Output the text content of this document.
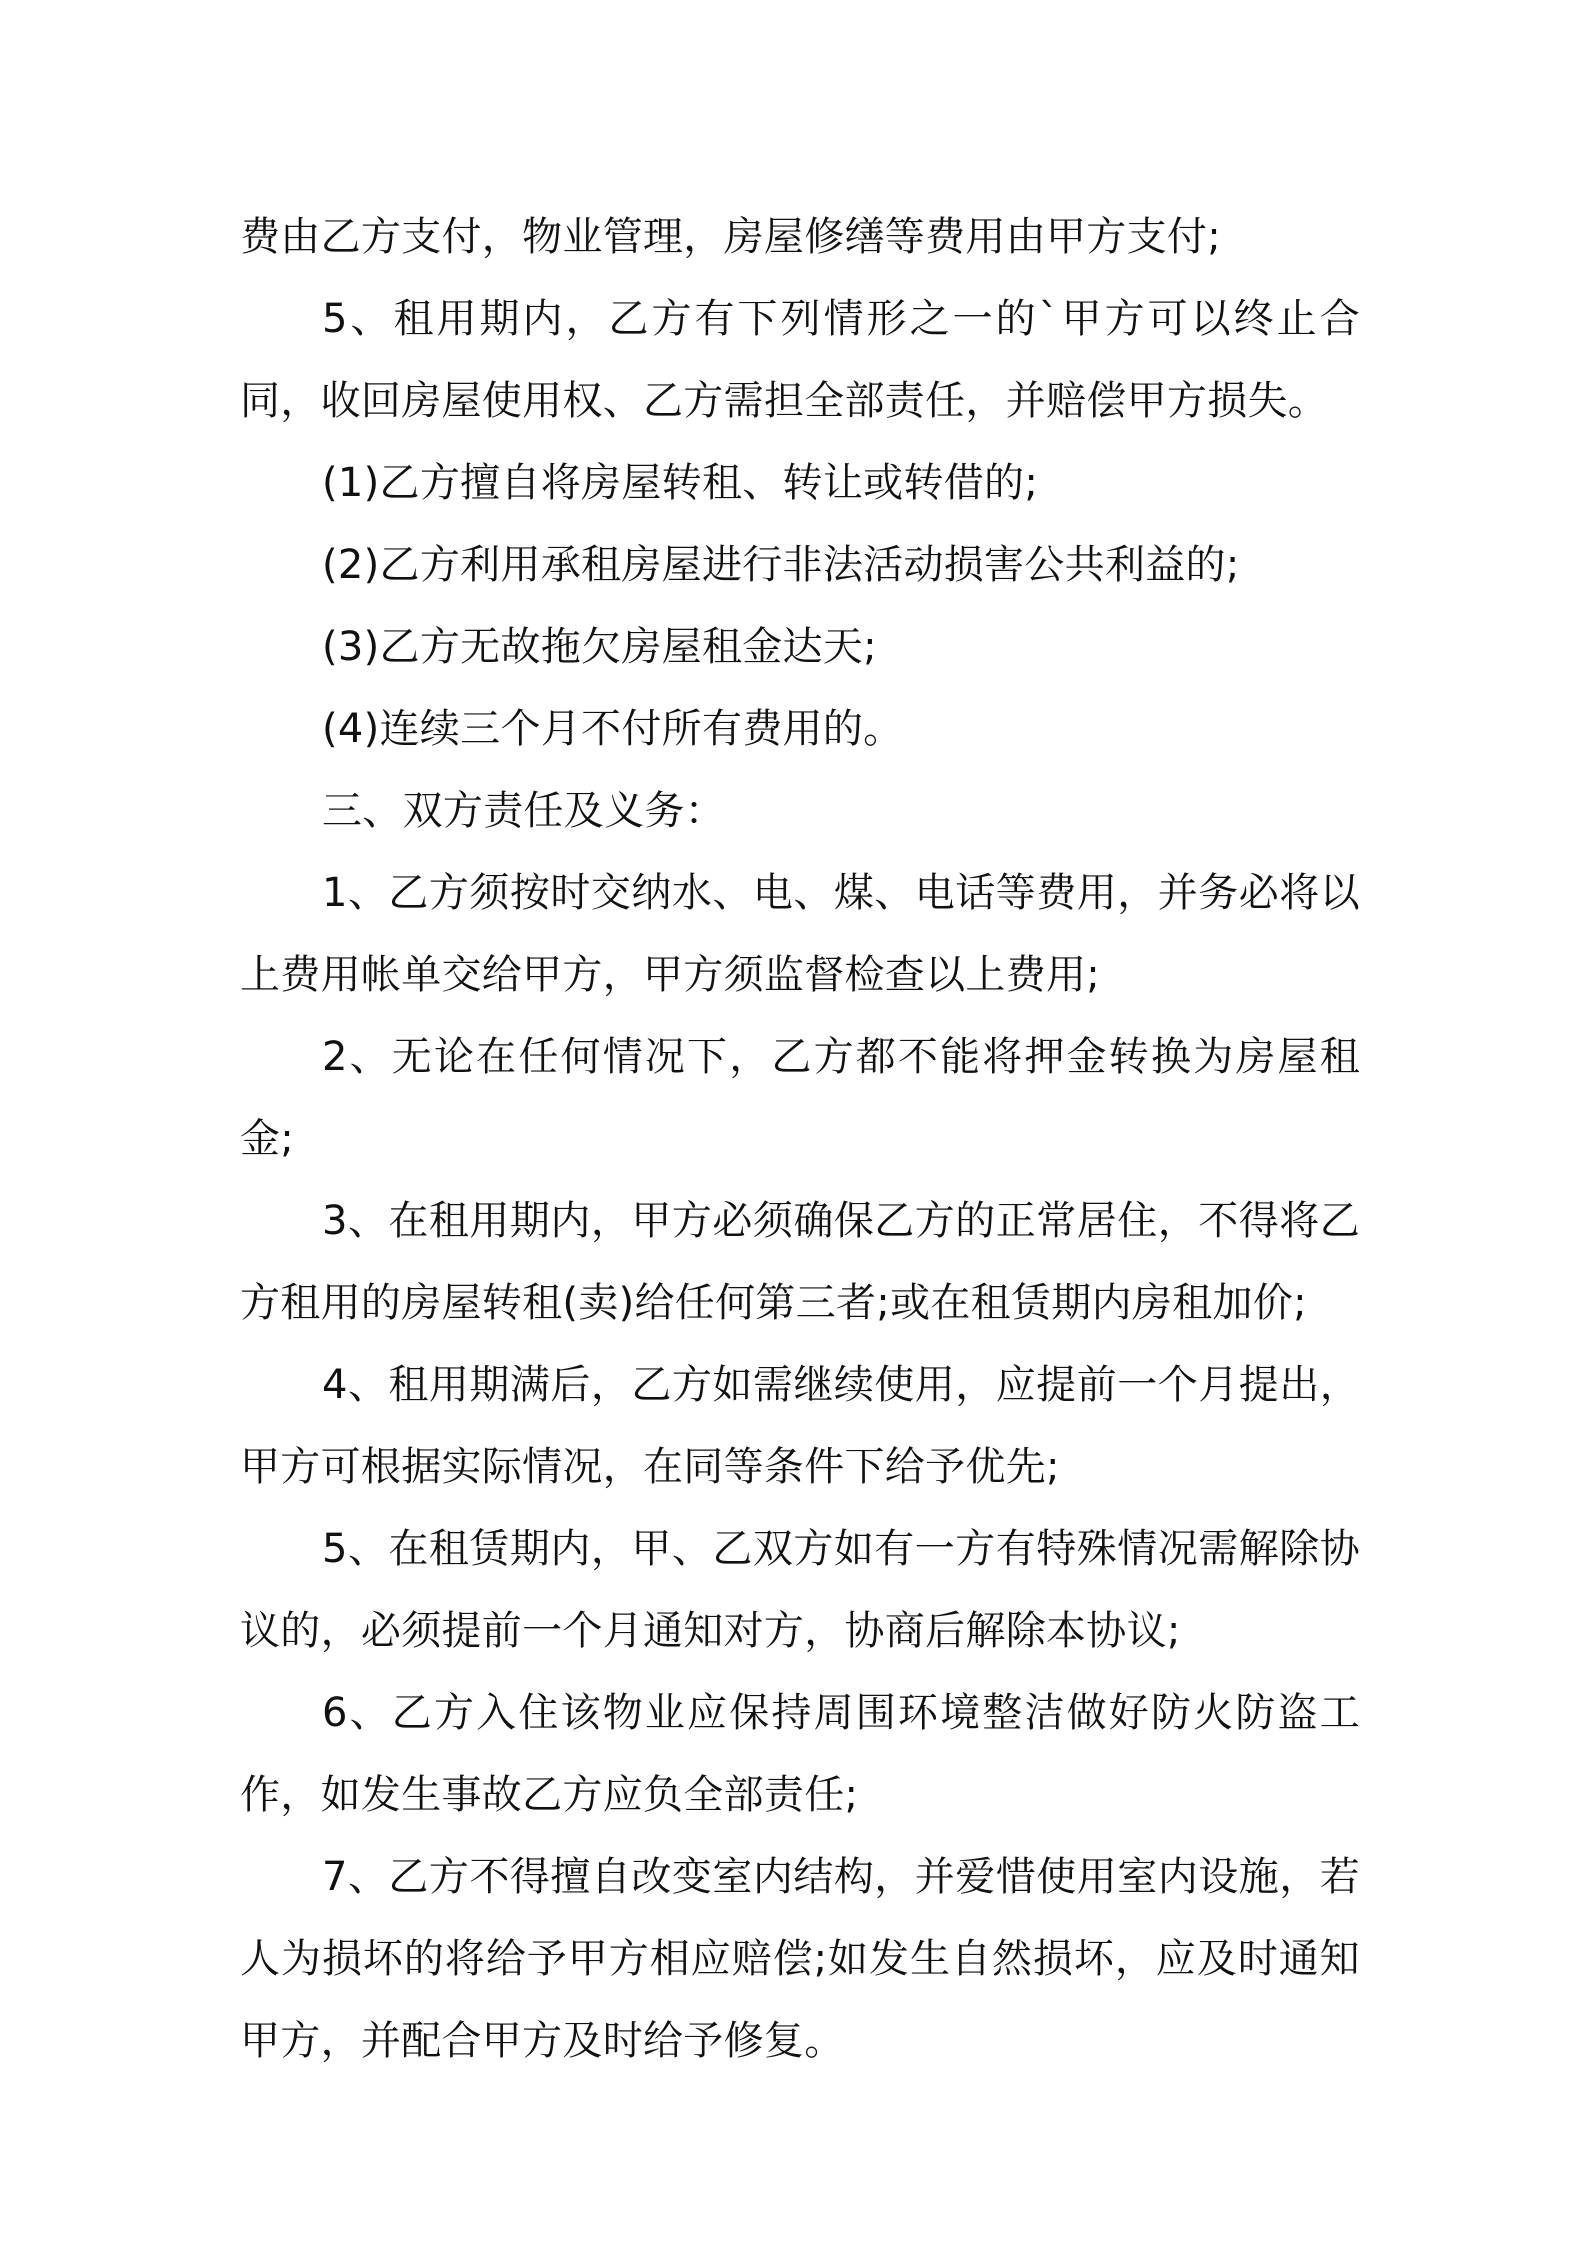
费由乙方支付，物业管理，房屋修缮等费用由甲方支付;

5、租用期内，乙方有下列情形之一的`甲方可以终止合同，收回房屋使用权、乙方需担全部责任，并赔偿甲方损失。

(1)乙方擅自将房屋转租、转让或转借的;

(2)乙方利用承租房屋进行非法活动损害公共利益的;

(3)乙方无故拖欠房屋租金达天;

(4)连续三个月不付所有费用的。

三、双方责任及义务：

1、乙方须按时交纳水、电、煤、电话等费用，并务必将以上费用帐单交给甲方，甲方须监督检查以上费用;

2、无论在任何情况下，乙方都不能将押金转换为房屋租金;

3、在租用期内，甲方必须确保乙方的正常居住，不得将乙方租用的房屋转租(卖)给任何第三者;或在租赁期内房租加价;

4、租用期满后，乙方如需继续使用，应提前一个月提出，甲方可根据实际情况，在同等条件下给予优先;

5、在租赁期内，甲、乙双方如有一方有特殊情况需解除协议的，必须提前一个月通知对方，协商后解除本协议;

6、乙方入住该物业应保持周围环境整洁做好防火防盗工作，如发生事故乙方应负全部责任;

7、乙方不得擅自改变室内结构，并爱惜使用室内设施，若人为损坏的将给予甲方相应赔偿;如发生自然损坏，应及时通知甲方，并配合甲方及时给予修复。
